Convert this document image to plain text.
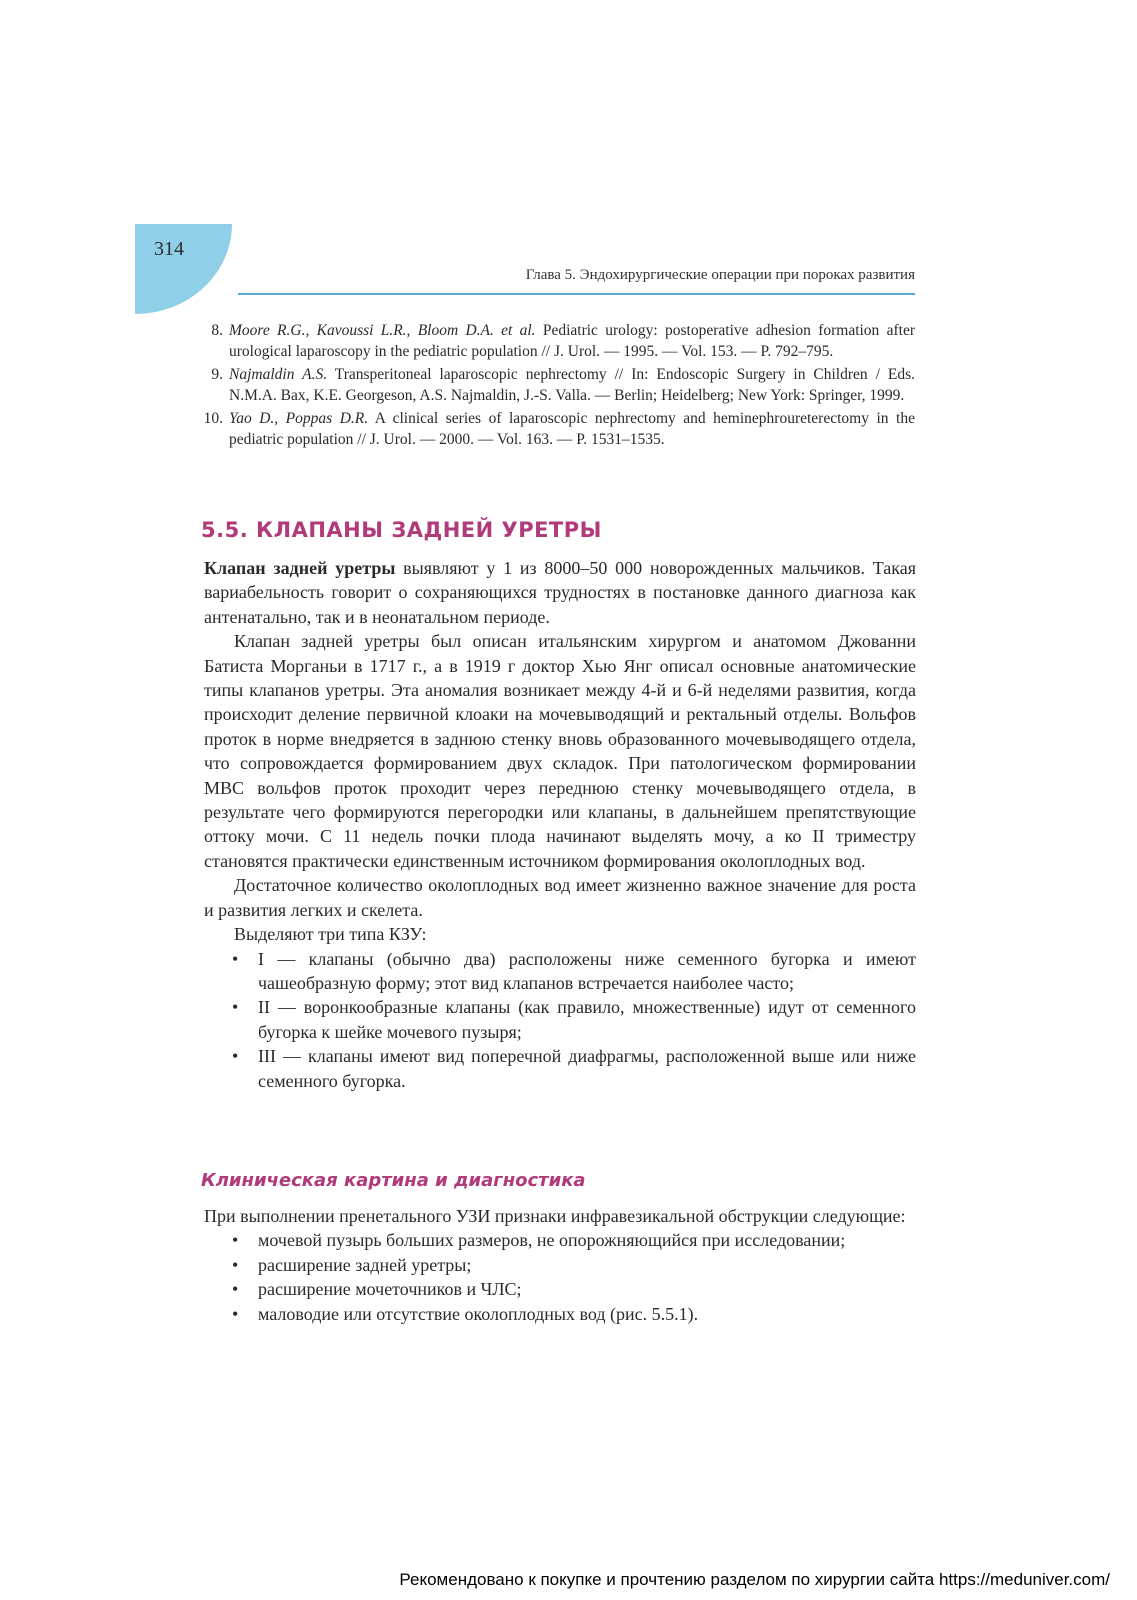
314
Глава 5. Эндохирургические операции при пороках развития
8. Moore R.G., Kavoussi L.R., Bloom D.A. et al. Pediatric urology: postoperative adhesion formation after urological laparoscopy in the pediatric population // J. Urol. — 1995. — Vol. 153. — P. 792–795.
9. Najmaldin A.S. Transperitoneal laparoscopic nephrectomy // In: Endoscopic Surgery in Children / Eds. N.M.A. Bax, K.E. Georgeson, A.S. Najmaldin, J.-S. Valla. — Berlin; Heidelberg; New York: Springer, 1999.
10. Yao D., Poppas D.R. A clinical series of laparoscopic nephrectomy and heminephroureterectomy in the pediatric population // J. Urol. — 2000. — Vol. 163. — P. 1531–1535.
5.5. КЛАПАНЫ ЗАДНЕЙ УРЕТРЫ

Клапан задней уретры выявляют у 1 из 8000–50 000 новорожденных мальчиков. Такая вариабельность говорит о сохраняющихся трудностях в постановке данного диагноза как антенатально, так и в неонатальном периоде.

Клапан задней уретры был описан итальянским хирургом и анатомом Джованни Батиста Морганьи в 1717 г., а в 1919 г доктор Хью Янг описал основные анатомические типы клапанов уретры. Эта аномалия возникает между 4-й и 6-й неделями развития, когда происходит деление первичной клоаки на мочевыводящий и ректальный отделы. Вольфов проток в норме внедряется в заднюю стенку вновь образованного мочевыводящего отдела, что сопровождается формированием двух складок. При патологическом формировании МВС вольфов проток проходит через переднюю стенку мочевыводящего отдела, в результате чего формируются перегородки или клапаны, в дальнейшем препятствующие оттоку мочи. С 11 недель почки плода начинают выделять мочу, а ко II триместру становятся практически единственным источником формирования околоплодных вод.

Достаточное количество околоплодных вод имеет жизненно важное значение для роста и развития легких и скелета.

Выделяют три типа КЗУ:

• I — клапаны (обычно два) расположены ниже семенного бугорка и имеют чашеобразную форму; этот вид клапанов встречается наиболее часто;
• II — воронкообразные клапаны (как правило, множественные) идут от семенного бугорка к шейке мочевого пузыря;
• III — клапаны имеют вид поперечной диафрагмы, расположенной выше или ниже семенного бугорка.
Клиническая картина и диагностика

При выполнении пренетального УЗИ признаки инфравезикальной обструкции следующие:

• мочевой пузырь больших размеров, не опорожняющийся при исследовании;
• расширение задней уретры;
• расширение мочеточников и ЧЛС;
• маловодие или отсутствие околоплодных вод (рис. 5.5.1).
Рекомендовано к покупке и прочтению разделом по хирургии сайта https://meduniver.com/
